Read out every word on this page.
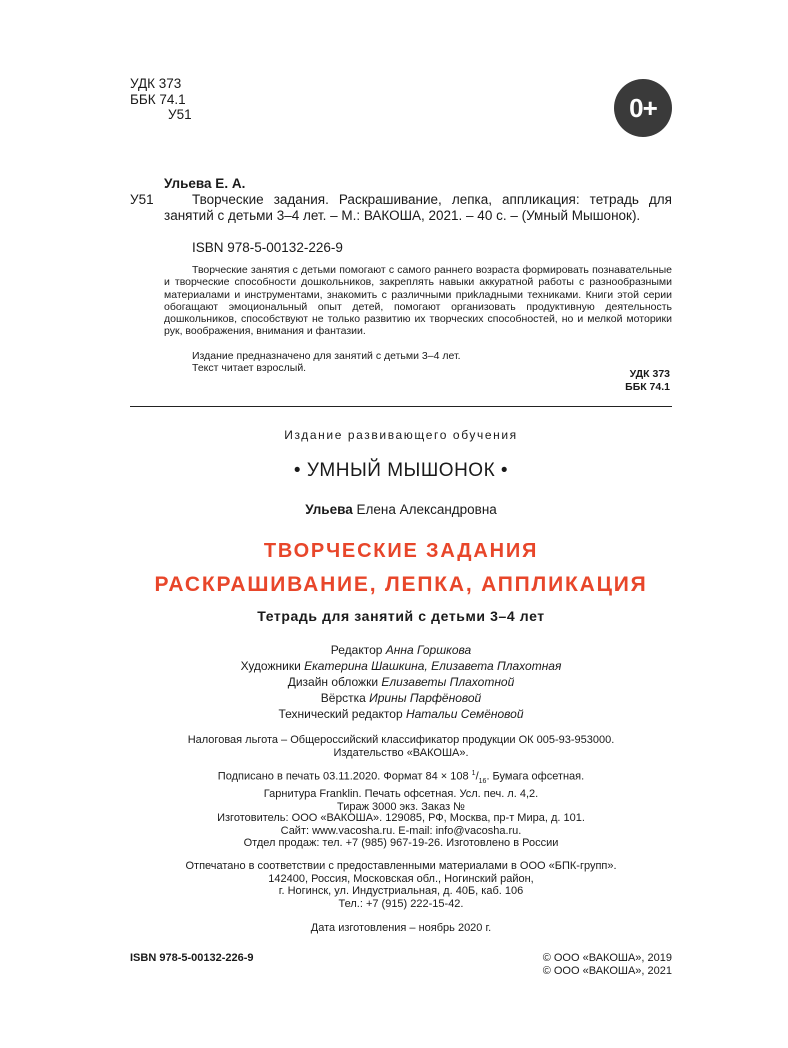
УДК 373
ББК 74.1
У51	0+
Ульева Е. А.
У51	Творческие задания. Раскрашивание, лепка, аппликация: тетрадь для занятий с детьми 3–4 лет. – М.: ВАКОША, 2021. – 40 с. – (Умный Мышонок).
ISBN 978-5-00132-226-9
Творческие занятия с детьми помогают с самого раннего возраста формировать познавательные и творческие способности дошкольников, закреплять навыки аккуратной работы с разнообразными материалами и инструментами, знакомить с различными приkладными техниками. Книги этой серии обогащают эмоциональный опыт детей, помогают организовать продуктивную деятельность дошкольников, способствуют не только развитию их творческих способностей, но и мелкой моторики рук, воображения, внимания и фантазии.
Издание предназначено для занятий с детьми 3–4 лет.
Текст читает взрослый.	УДК 373
ББК 74.1
Издание развивающего обучения
• УМНЫЙ МЫШОНОК •
Ульева Елена Александровна
ТВОРЧЕСКИЕ ЗАДАНИЯ
РАСКРАШИВАНИЕ, ЛЕПКА, АППЛИКАЦИЯ
Тетрадь для занятий с детьми 3–4 лет
Редактор Анна Горшкова
Художники Екатерина Шашкина, Елизавета Плахотная
Дизайн обложки Елизаветы Плахотной
Вёрстка Ирины Парфёновой
Технический редактор Натальи Семёновой
Налоговая льгота – Общероссийский классификатор продукции ОК 005-93-953000.
Издательство «ВАКОША».
Подписано в печать 03.11.2020. Формат 84 × 108 $^1/_{16}$. Бумага офсетная.
Гарнитура Franklin. Печать офсетная. Усл. печ. л. 4,2.
Тираж 3000 экз. Заказ №
Изготовитель: ООО «ВАКОША». 129085, РФ, Москва, пр-т Мира, д. 101.
Сайт: www.vacosha.ru. E-mail: info@vacosha.ru.
Отдел продаж: тел. +7 (985) 967-19-26. Изготовлено в России
Отпечатано в соответствии с предоставленными материалами в ООО «БПК-групп».
142400, Россия, Московская обл., Ногинский район,
г. Ногинск, ул. Индустриальная, д. 40Б, каб. 106
Тел.: +7 (915) 222-15-42.
Дата изготовления – ноябрь 2020 г.
ISBN 978-5-00132-226-9	© ООО «ВАКОША», 2019
© ООО «ВАКОША», 2021
